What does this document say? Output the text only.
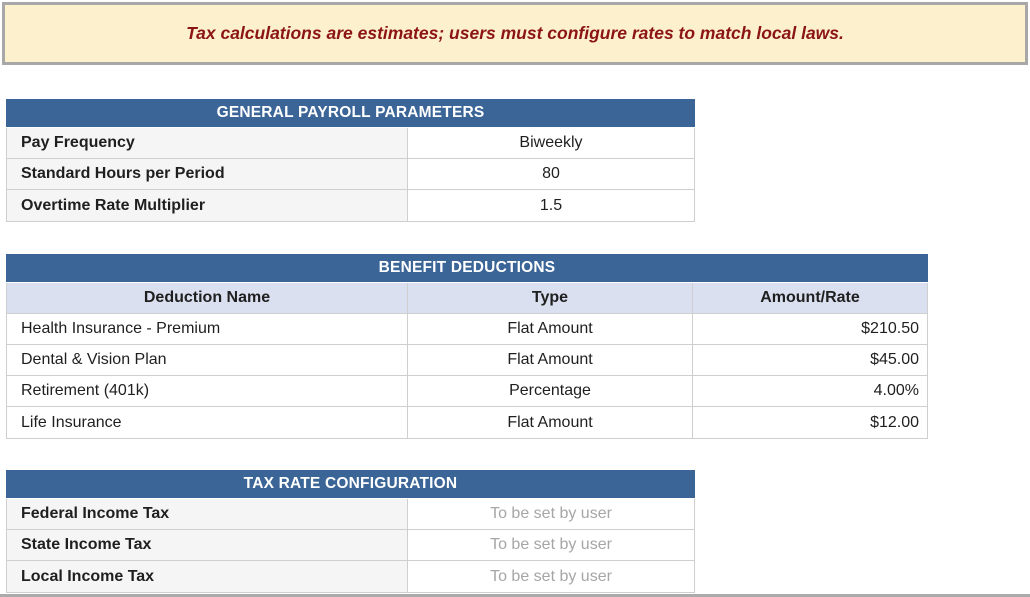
Tax calculations are estimates; users must configure rates to match local laws.
GENERAL PAYROLL PARAMETERS
Pay Frequency	Biweekly
Standard Hours per Period	80
Overtime Rate Multiplier	1.5
BENEFIT DEDUCTIONS
Deduction Name	Type	Amount/Rate
Health Insurance - Premium	Flat Amount	$210.50
Dental & Vision Plan	Flat Amount	$45.00
Retirement (401k)	Percentage	4.00%
Life Insurance	Flat Amount	$12.00
TAX RATE CONFIGURATION
Federal Income Tax	To be set by user
State Income Tax	To be set by user
Local Income Tax	To be set by user
